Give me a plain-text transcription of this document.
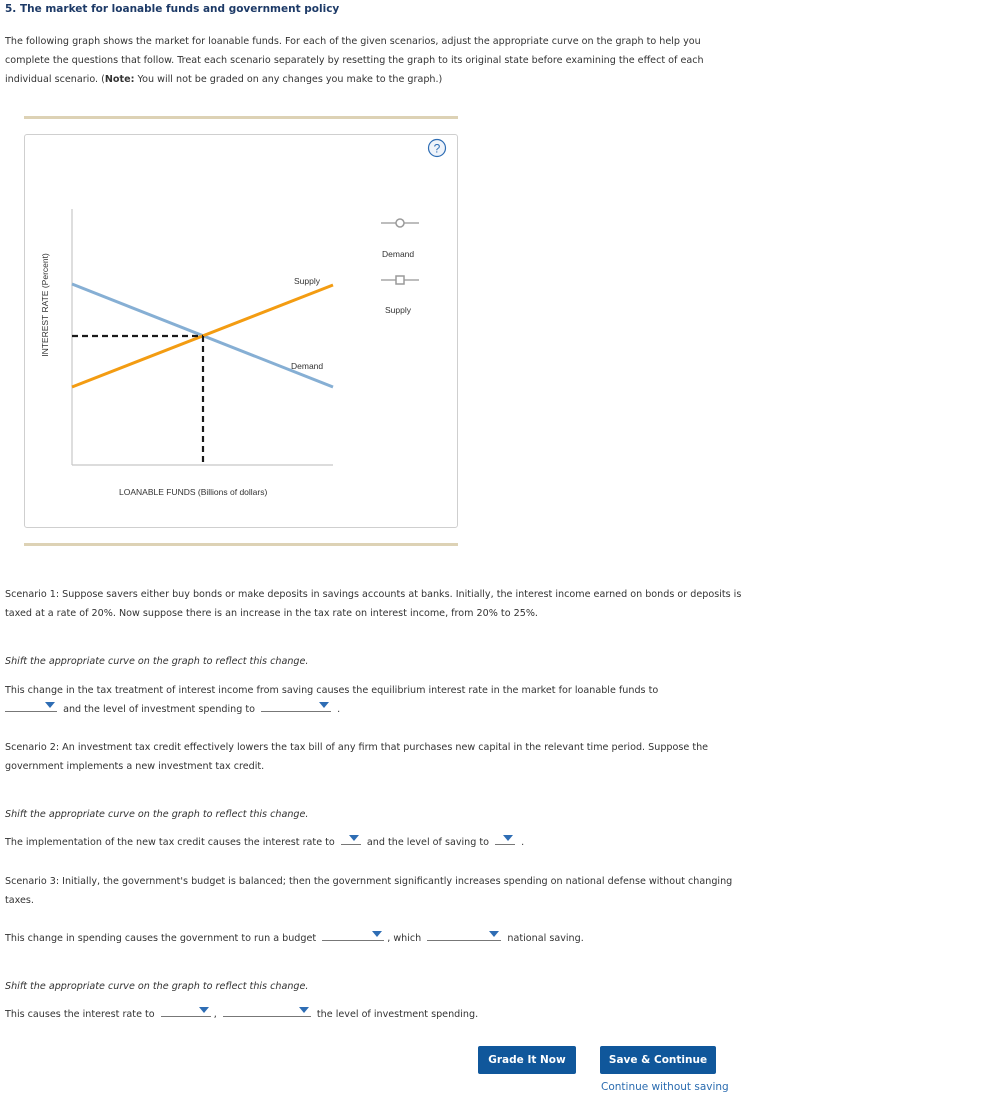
5. The market for loanable funds and government policy
The following graph shows the market for loanable funds. For each of the given scenarios, adjust the appropriate curve on the graph to help you complete the questions that follow. Treat each scenario separately by resetting the graph to its original state before examining the effect of each individual scenario. (Note: You will not be graded on any changes you make to the graph.)
?
INTEREST RATE (Percent)
LOANABLE FUNDS (Billions of dollars)
Supply
Demand
Demand
Supply
Scenario 1: Suppose savers either buy bonds or make deposits in savings accounts at banks. Initially, the interest income earned on bonds or deposits is taxed at a rate of 20%. Now suppose there is an increase in the tax rate on interest income, from 20% to 25%.
Shift the appropriate curve on the graph to reflect this change.
This change in the tax treatment of interest income from saving causes the equilibrium interest rate in the market for loanable funds to

and the level of investment spending to	.
Scenario 2: An investment tax credit effectively lowers the tax bill of any firm that purchases new capital in the relevant time period. Suppose the government implements a new investment tax credit.
Shift the appropriate curve on the graph to reflect this change.
The implementation of the new tax credit causes the interest rate to	and the level of saving to	.
Scenario 3: Initially, the government's budget is balanced; then the government significantly increases spending on national defense without changing taxes.
This change in spending causes the government to run a budget	, which	national saving.
Shift the appropriate curve on the graph to reflect this change.
This causes the interest rate to	,	the level of investment spending.
Grade It Now	Save & Continue
Continue without saving
